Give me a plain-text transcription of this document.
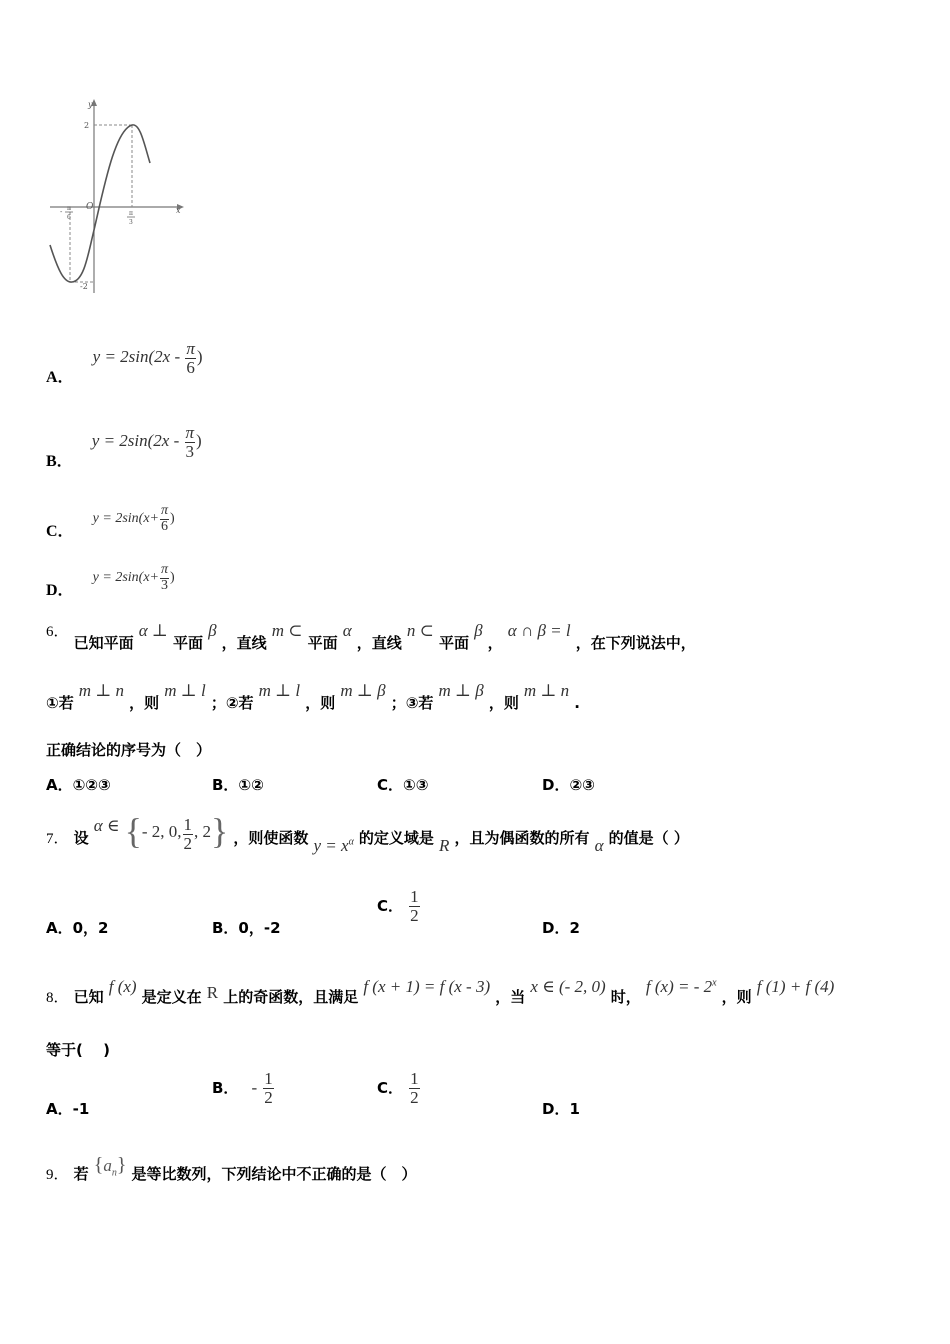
y
x
O
2
-2
π
6
-	π
3
A． $y = 2\sin(2x - \frac{\pi}{6}$ )
B． $y = 2\sin(2x - \frac{\pi}{3}$ )
C． $y = 2\sin(x+ \frac{\pi}{6}$ )
D． $y = 2\sin(x+ \frac{\pi}{3}$ )
6． 已知平面 α ⊥ 平面 β ，直线 m ⊂ 平面 α ，直线 n ⊂ 平面 β ， α ∩ β = l ，在下列说法中，
①若 m ⊥ n ，则 m ⊥ l ；②若 m ⊥ l ，则 m ⊥ β ；③若 m ⊥ β ，则 m ⊥ n .
正确结论的序号为（　）
A．①②③	B．①②	C．①③	D．②③
7． 设 α ∈ {- 2, 0, $\frac{1}{2}$ , 2} ，则使函数 $y = x^\alpha$ 的定义域是 R ，且为偶函数的所有 α 的值是（ ）
A．0，2	B．0，-2
C． $\frac{1}{2}$
D．2
8． 已知 f (x) 是定义在 R 上的奇函数，且满足 f (x + 1) = f (x - 3) ，当 x ∈ (- 2, 0) 时， f (x) = - 2$^x$ ，则 f (1) + f (4)
等于(　 )
A．-1
B． - $\frac{1}{2}$	C． $\frac{1}{2}$
D．1
9． 若 $\{a_n\}$ 是等比数列，下列结论中不正确的是（　）
